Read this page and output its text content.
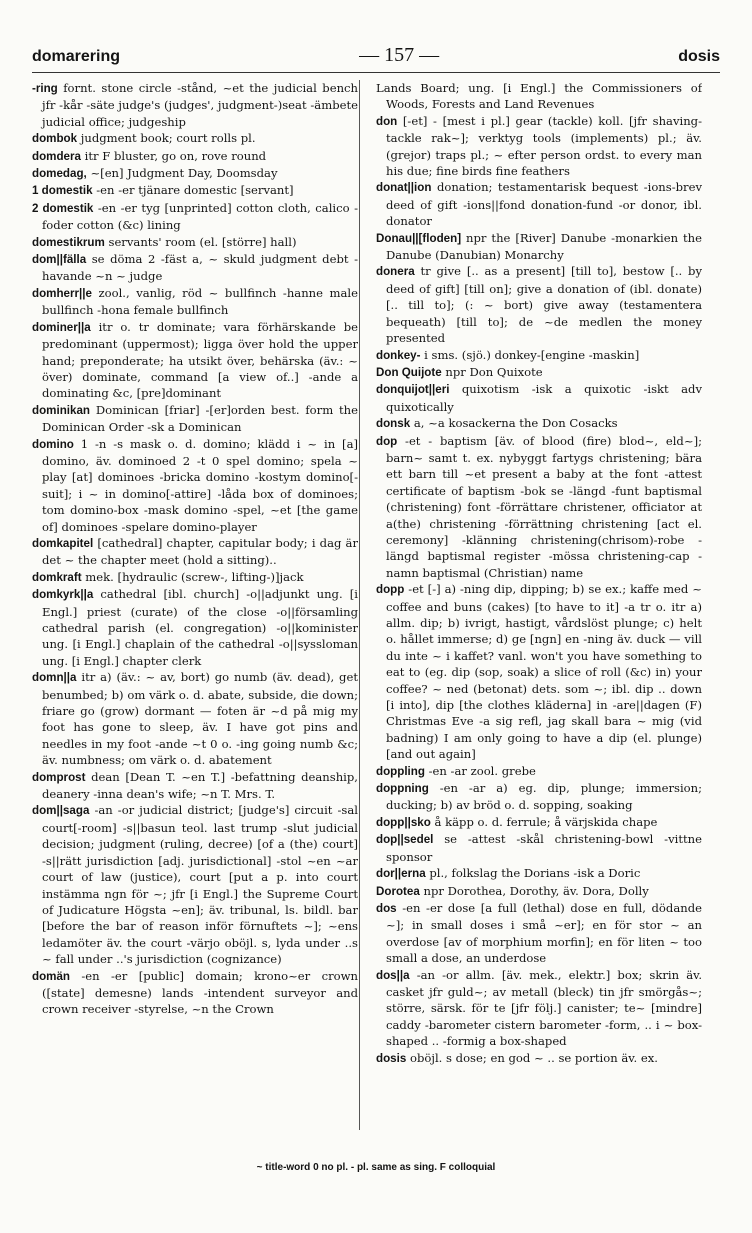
domarering	— 157 —	dosis

-ring fornt. stone circle -stånd, ~et the judicial bench jfr -kår -säte judge's (judges', judgment-)seat -ämbete judicial office; judgeship

dombok judgment book; court rolls pl.

domdera itr F bluster, go on, rove round

domedag, ~[en] Judgment Day, Doomsday

1 domestik -en -er tjänare domestic [servant]

2 domestik -en -er tyg [unprinted] cotton cloth, calico -foder cotton (&c) lining

domestikrum servants' room (el. [större] hall)

dom||fälla se döma 2 -fäst a, ~ skuld judgment debt -havande ~n ~ judge

domherr||e zool., vanlig, röd ~ bullfinch -hanne male bullfinch -hona female bullfinch

dominer||a itr o. tr dominate; vara förhärskande be predominant (uppermost); ligga över hold the upper hand; preponderate; ha utsikt över, behärska (äv.: ~ över) dominate, command [a view of..] -ande a dominating &c, [pre]dominant

dominikan Dominican [friar] -[er]orden best. form the Dominican Order -sk a Dominican

domino 1 -n -s mask o. d. domino; klädd i ~ in [a] domino, äv. dominoed 2 -t 0 spel domino; spela ~ play [at] dominoes -bricka domino -kostym domino[-suit]; i ~ in domino[-attire] -låda box of dominoes; tom domino-box -mask domino -spel, ~et [the game of] dominoes -spelare domino-player

domkapitel [cathedral] chapter, capitular body; i dag är det ~ the chapter meet (hold a sitting)..

domkraft mek. [hydraulic (screw-, lifting-)]jack

domkyrk||a cathedral [ibl. church] -o||adjunkt ung. [i Engl.] priest (curate) of the close -o||församling cathedral parish (el. congregation) -o||kominister ung. [i Engl.] chaplain of the cathedral -o||syssloman ung. [i Engl.] chapter clerk

domn||a itr a) (äv.: ~ av, bort) go numb (äv. dead), get benumbed; b) om värk o. d. abate, subside, die down; friare go (grow) dormant — foten är ~d på mig my foot has gone to sleep, äv. I have got pins and needles in my foot -ande ~t 0 o. -ing going numb &c; äv. numbness; om värk o. d. abatement

domprost dean [Dean T. ~en T.] -befattning deanship, deanery -inna dean's wife; ~n T. Mrs. T.

dom||saga -an -or judicial district; [judge's] circuit -sal court[-room] -s||basun teol. last trump -slut judicial decision; judgment (ruling, decree) [of a (the) court] -s||rätt jurisdiction [adj. jurisdictional] -stol ~en ~ar court of law (justice), court [put a p. into court instämma ngn för ~; jfr [i Engl.] the Supreme Court of Judicature Högsta ~en]; äv. tribunal, ls. bildl. bar [before the bar of reason inför förnuftets ~]; ~ens ledamöter äv. the court -värjo oböjl. s, lyda under ..s ~ fall under ..'s jurisdiction (cognizance)

domän -en -er [public] domain; krono~er crown ([state] demesne) lands -intendent surveyor and crown receiver -styrelse, ~n the Crown

Lands Board; ung. [i Engl.] the Commissioners of Woods, Forests and Land Revenues

don [-et] - [mest i pl.] gear (tackle) koll. [jfr shaving-tackle rak~]; verktyg tools (implements) pl.; äv. (grejor) traps pl.; ~ efter person ordst. to every man his due; fine birds fine feathers

donat||ion donation; testamentarisk bequest -ions-brev deed of gift -ions||fond donation-fund -or donor, ibl. donator

Donau||[floden] npr the [River] Danube -monarkien the Danube (Danubian) Monarchy

donera tr give [.. as a present] [till to], bestow [.. by deed of gift] [till on]; give a donation of (ibl. donate) [.. till to]; (: ~ bort) give away (testamentera bequeath) [till to]; de ~de medlen the money presented

donkey- i sms. (sjö.) donkey-[engine -maskin]

Don Quijote npr Don Quixote

donquijot||eri quixotism -isk a quixotic -iskt adv quixotically

donsk a, ~a kosackerna the Don Cosacks

dop -et - baptism [äv. of blood (fire) blod~, eld~]; barn~ samt t. ex. nybyggt fartygs christening; bära ett barn till ~et present a baby at the font -attest certificate of baptism -bok se -längd -funt baptismal (christening) font -förrättare christener, officiator at a(the) christening -förrättning christening [act el. ceremony] -klänning christening(chrisom)-robe -längd baptismal register -mössa christening-cap -namn baptismal (Christian) name

dopp -et [-] a) -ning dip, dipping; b) se ex.; kaffe med ~ coffee and buns (cakes) [to have to it] -a tr o. itr a) allm. dip; b) ivrigt, hastigt, vårdslöst plunge; c) helt o. hållet immerse; d) ge [ngn] en -ning äv. duck — vill du inte ~ i kaffet? vanl. won't you have something to eat to (eg. dip (sop, soak) a slice of roll (&c) in) your coffee? ~ ned (betonat) dets. som ~; ibl. dip .. down [i into], dip [the clothes kläderna] in -are||dagen (F) Christmas Eve -a sig refl, jag skall bara ~ mig (vid badning) I am only going to have a dip (el. plunge) [and out again]

doppling -en -ar zool. grebe

doppning -en -ar a) eg. dip, plunge; immersion; ducking; b) av bröd o. d. sopping, soaking

dopp||sko å käpp o. d. ferrule; å värjskida chape

dop||sedel se -attest -skål christening-bowl -vittne sponsor

dor||erna pl., folkslag the Dorians -isk a Doric

Dorotea npr Dorothea, Dorothy, äv. Dora, Dolly

dos -en -er dose [a full (lethal) dose en full, dödande ~]; in small doses i små ~er]; en för stor ~ an overdose [av of morphium morfin]; en för liten ~ too small a dose, an underdose

dos||a -an -or allm. [äv. mek., elektr.] box; skrin äv. casket jfr guld~; av metall (bleck) tin jfr smörgås~; större, särsk. för te [jfr följ.] canister; te~ [mindre] caddy -barometer cistern barometer -form, .. i ~ box-shaped .. -formig a box-shaped

dosis oböjl. s dose; en god ~ .. se portion äv. ex.

~ title-word 0 no pl. - pl. same as sing. F colloquial
